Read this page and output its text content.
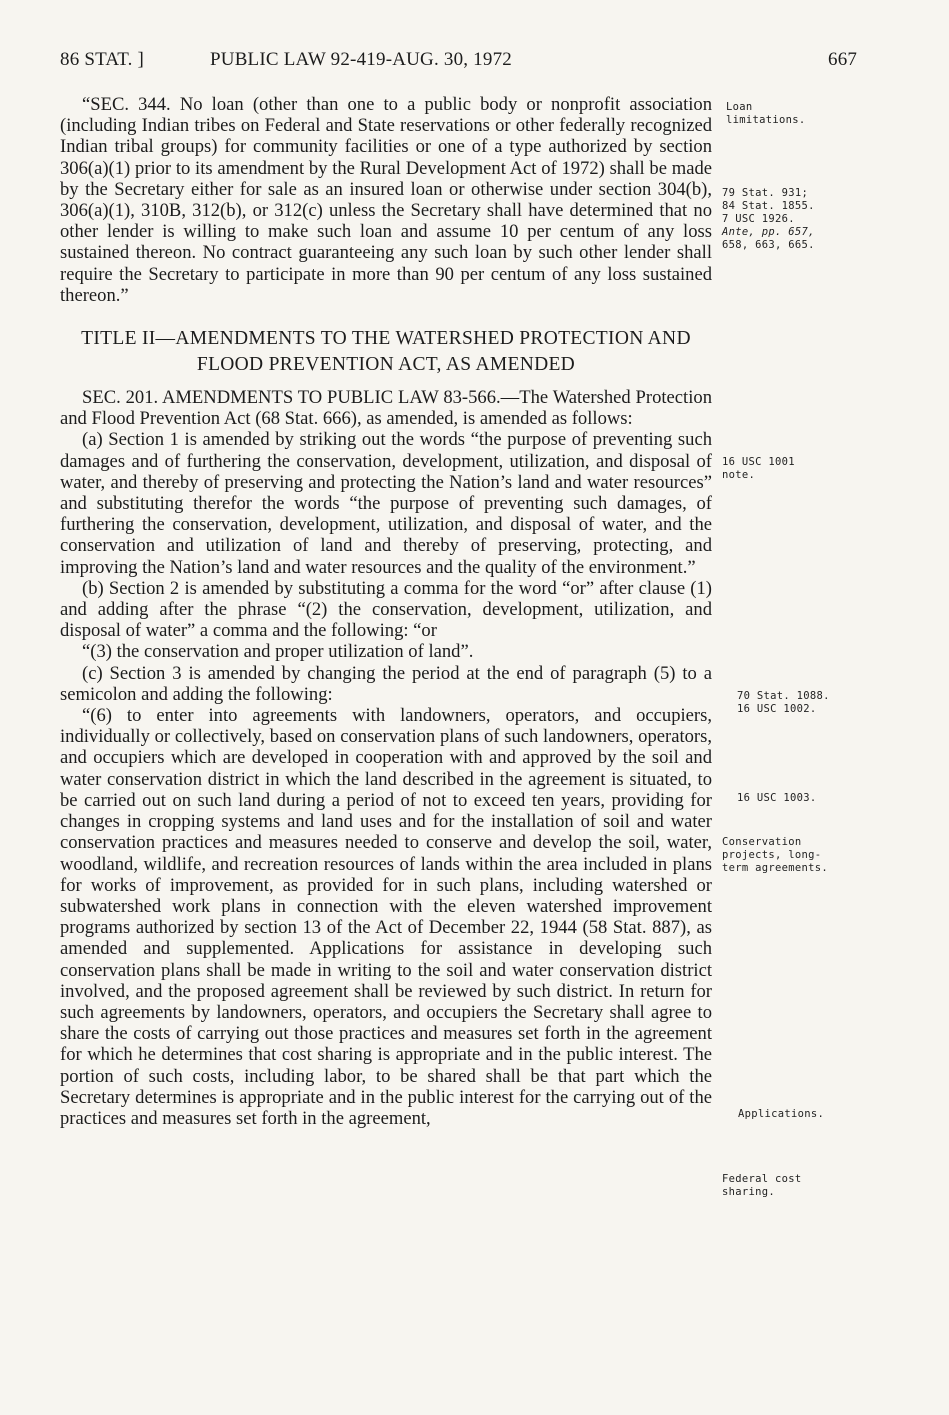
86 STAT. ]	PUBLIC LAW 92-419-AUG. 30, 1972	667

“SEC. 344. No loan (other than one to a public body or nonprofit association (including Indian tribes on Federal and State reservations or other federally recognized Indian tribal groups) for community facilities or one of a type authorized by section 306(a)(1) prior to its amendment by the Rural Development Act of 1972) shall be made by the Secretary either for sale as an insured loan or otherwise under section 304(b), 306(a)(1), 310B, 312(b), or 312(c) unless the Secretary shall have determined that no other lender is willing to make such loan and assume 10 per centum of any loss sustained thereon. No contract guaranteeing any such loan by such other lender shall require the Secretary to participate in more than 90 per centum of any loss sustained thereon.”

TITLE II—AMENDMENTS TO THE WATERSHED PROTECTION AND FLOOD PREVENTION ACT, AS AMENDED

SEC. 201. AMENDMENTS TO PUBLIC LAW 83-566.—The Watershed Protection and Flood Prevention Act (68 Stat. 666), as amended, is amended as follows:

(a) Section 1 is amended by striking out the words “the purpose of preventing such damages and of furthering the conservation, development, utilization, and disposal of water, and thereby of preserving and protecting the Nation’s land and water resources” and substituting therefor the words “the purpose of preventing such damages, of furthering the conservation, development, utilization, and disposal of water, and the conservation and utilization of land and thereby of preserving, protecting, and improving the Nation’s land and water resources and the quality of the environment.”

(b) Section 2 is amended by substituting a comma for the word “or” after clause (1) and adding after the phrase “(2) the conservation, development, utilization, and disposal of water” a comma and the following: “or

“(3) the conservation and proper utilization of land”.

(c) Section 3 is amended by changing the period at the end of paragraph (5) to a semicolon and adding the following:

“(6) to enter into agreements with landowners, operators, and occupiers, individually or collectively, based on conservation plans of such landowners, operators, and occupiers which are developed in cooperation with and approved by the soil and water conservation district in which the land described in the agreement is situated, to be carried out on such land during a period of not to exceed ten years, providing for changes in cropping systems and land uses and for the installation of soil and water conservation practices and measures needed to conserve and develop the soil, water, woodland, wildlife, and recreation resources of lands within the area included in plans for works of improvement, as provided for in such plans, including watershed or subwatershed work plans in connection with the eleven watershed improvement programs authorized by section 13 of the Act of December 22, 1944 (58 Stat. 887), as amended and supplemented. Applications for assistance in developing such conservation plans shall be made in writing to the soil and water conservation district involved, and the proposed agreement shall be reviewed by such district. In return for such agreements by landowners, operators, and occupiers the Secretary shall agree to share the costs of carrying out those practices and measures set forth in the agreement for which he determines that cost sharing is appropriate and in the public interest. The portion of such costs, including labor, to be shared shall be that part which the Secretary determines is appropriate and in the public interest for the carrying out of the practices and measures set forth in the agreement,

Loan limitations.
79 Stat. 931;
84 Stat. 1855.
7 USC 1926.
Ante, pp. 657,
658, 663, 665.
16 USC 1001
note.
70 Stat. 1088.
16 USC 1002.
16 USC 1003.
Conservation projects, long-term agreements.
Applications.
Federal cost sharing.
